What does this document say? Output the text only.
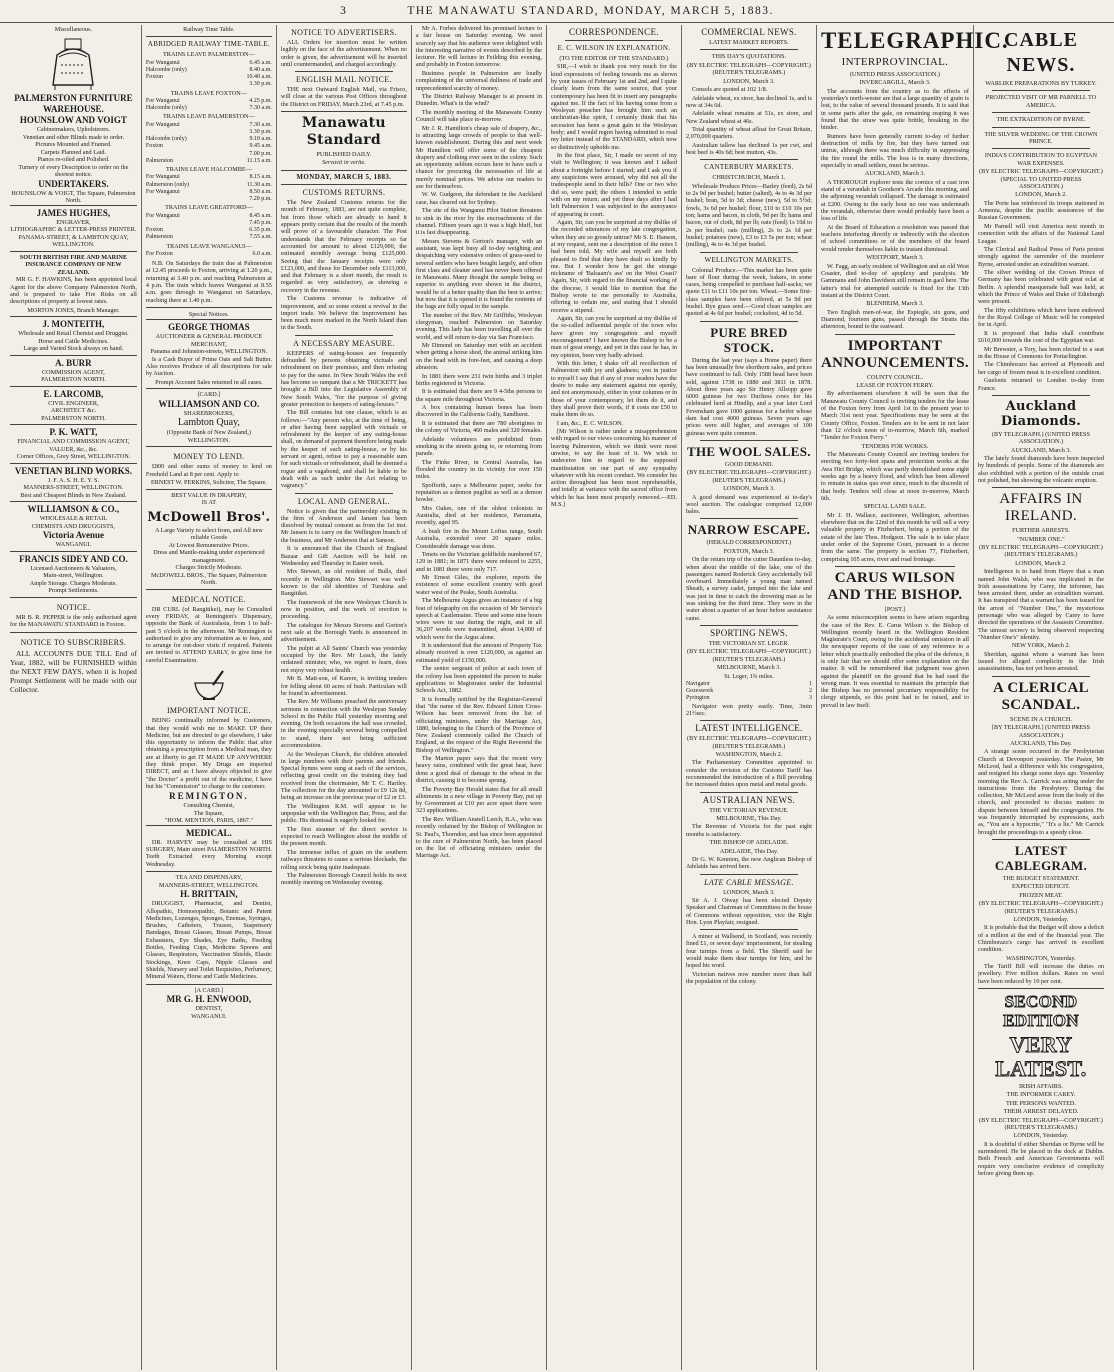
3	THE MANAWATU STANDARD,
MONDAY, MARCH 5, 1883.
Miscellaneous.
PALMERSTON FURNITURE WAREHOUSE.
HOUNSLOW AND VOIGT
Cabinetmakers, Upholsterers.
Venetian and other Blinds made to order.
Pictures Mounted and Framed.
Carpets Planned and Laid.
Pianos re-oiled and Polished.
Turnery of every Description to order on the shortest notice.
UNDERTAKERS.
HOUNSLOW & VOIGT, The Square, Palmerston North.
JAMES HUGHES,
ENGRAVER,
LITHOGRAPHIC & LETTER-PRESS PRINTER.
PANAMA-STREET, & LAMBTON QUAY, WELLINGTON.
SOUTH BRITISH FIRE AND MARINE INSURANCE COMPANY OF NEW ZEALAND.

MR G. F. HAWKINS, has been appointed local Agent for the above Company Palmerston North, and is prepared to take Fire Risks on all descriptions of property at lowest rates.

MORTON JONES, Branch Manager.
J. MONTEITH,
Wholesale and Retail Chemist and Druggist.
Horse and Cattle Medicines.
Large and Varied Stock always on hand.
A. BURR
COMMISSION AGENT,
PALMERSTON NORTH.
E. LARCOMB,
CIVIL ENGINEER,
ARCHITECT &c.
PALMERSTON NORTH.
P. K. WATT,
FINANCIAL AND COMMISSION AGENT,
VALUER, &c., &c.
Corner Offices, Grey Street, WELLINGTON.
VENETIAN BLIND WORKS.
J. F. A. S. H. E. Y. S.
MANNERS-STREET, WELLINGTON.
Best and Cheapest Blinds in New Zealand.
WILLIAMSON & CO.,
WHOLESALE & RETAIL
CHEMISTS AND DRUGGISTS,
Victoria Avenue
WANGANUI.
FRANCIS SIDEY AND CO.
Licensed Auctioneers & Valuators,
Main-street, Wellington.
Ample Storage. Charges Moderate.
Prompt Settlements.
NOTICE.

MR B. R. PEPPER is the only authorised agent for the MANAWATU STANDARD in Foxton.

NOTICE TO SUBSCRIBERS.

ALL ACCOUNTS DUE TILL End of Year, 1882, will be FURNISHED within the NEXT FEW DAYS, when it is hoped Prompt Settlement will be made with our Collector.

Railway Time Table.
ABRIDGED RAILWAY TIME-TABLE.
TRAINS LEAVE PALMERSTON—
For Wanganui	6.45 a.m.
Halcombe (only)	8.40 a.m.
Foxton	10.40 a.m.
	3.30 p.m.
TRAINS LEAVE FOXTON—
For Wanganui	4.25 p.m.
Halcombe (only)	7.30 a.m.
TRAINS LEAVE PALMERSTON—
For Wanganui	7.30 a.m.
	3.30 p.m.
Halcombe (only)	9.10 a.m.
Foxton	9.45 a.m.
	7.00 p.m.
Palmerston	11.15 a.m.
TRAINS LEAVE HALCOMBE—
For Wanganui	8.15 a.m.
Palmerston (only)	11.30 a.m.
For Wanganui	8.50 a.m.
	7.20 p.m.
TRAINS LEAVE GREATFORD—
For Wanganui	8.45 a.m.
	7.45 p.m.
Foxton	6.35 p.m.
Palmerston	7.55 a.m.
TRAINS LEAVE WANGANUI—
For Foxton	6.0 a.m.

N.B. On Saturdays the train due at Palmerston at 12.45 proceeds to Foxton, arriving at 1.20 p.m., returning at 3.40 p.m. and reaching Palmerston at 4 p.m. The train which leaves Wanganui at 8.55 a.m. goes through to Wanganui on Saturdays, reaching there at 1.40 p.m.

Special Notices.
GEORGE THOMAS
AUCTIONEER & GENERAL PRODUCE MERCHANT,
Panama and Johnston-streets, WELLINGTON.

Is a Cash Buyer of Prime Oats and Salt Butter. Also receives Produce of all descriptions for sale by Auction.

Prompt Account Sales returned in all cases.
[CARD.]
WILLIAMSON AND CO.
SHAREBROKERS,
Lambton Quay,
(Opposite Bank of New Zealand,)
WELLINGTON.
MONEY TO LEND.

£800 and other sums of money to lend on Freehold Land at 8 per cent. Apply to

ERNEST W. PERKINS, Solicitor, The Square.
BEST VALUE IN DRAPERY,
IS AT
McDowell Bros'.
A Large Variety to select from, and All new reliable Goods
At Lowest Remunerative Prices.
Dress and Mantle-making under experienced management.
Charges Strictly Moderate.
McDOWELL BROS., The Square, Palmerston North.
MEDICAL NOTICE.

DR CURL (of Rangitikei), may be Consulted every FRIDAY, at Remington's Dispensary, opposite the Bank of Australasia, from 1 to half-past 5 o'clock in the afternoon. Mr Remington is authorised to give any information as to fees, and to arrange for out-door visits if required. Patients are invited to ATTEND EARLY, to give time for careful Examination.

IMPORTANT NOTICE.

BEING continually informed by Customers, that they would wish me to MAKE UP their Medicine, but are directed to go elsewhere, I take this opportunity to inform the Public that after obtaining a prescription from a Medical man, they are at liberty to get IT MADE UP ANYWHERE they think proper. My Drugs are imported DIRECT, and as I have always objected to give "the Doctor" a profit out of the medicine, I have but his "Commission" to charge to the customer.

REMINGTON.
Consulting Chemist,
The Square,
"HOM. MENTION, PARIS, 1867."
MEDICAL.

DR. HARVEY may be consulted at HIS SURGERY, Main street PALMERSTON NORTH. Teeth Extracted every Morning except Wednesday.

TEA AND DISPENSARY,
MANNERS-STREET, WELLINGTON.
H. BRITTAIN,

DRUGGIST, Pharmacist, and Dentist, Allopathic, Homoeopathic, Botanic and Patent Medicines, Lozenges, Sponges, Enemas, Syringes, Brushes, Catheters, Trusses, Suspensory Bandages, Breast Glasses, Breast Pumps, Breast Exhausters, Eye Shades, Eye Baths, Feeding Bottles, Feeding Cups, Medicine Spoons and Glasses, Respirators, Vaccination Shields, Elastic Stockings, Knee Caps, Nipple Glasses and Shields, Nursery and Toilet Requisites, Perfumery, Mineral Waters, Horse and Cattle Medicines.

[A CARD.]
MR G. H. ENWOOD,
DENTIST,
WANGANUI.
NOTICE TO ADVERTISERS.

ALL Orders for insertion must be written legibly on the face of the advertisement. When no order is given, the advertisement will be inserted until countermanded, and charged accordingly.

ENGLISH MAIL NOTICE.

THE next Outward English Mail, via Frisco, will close at the various Post Offices throughout the District on FRIDAY, March 23rd, at 7.45 p.m.

Manawatu Standard
PUBLISHED DAILY.
Servavit in verite.
MONDAY, MARCH 5, 1883.
CUSTOMS RETURNS.

The New Zealand Customs returns for the month of February, 1883, are not quite complete, but from those which are already to hand it appears pretty certain that the results of the month will prove of a favourable character. The Post understands that the February receipts so far accounted for amount to about £129,000, the estimated monthly average being £125,000. Seeing that the January receipts were only £123,000, and those for December only £113,000, and that February is a short month, the result is regarded as very satisfactory, as showing a recovery in the revenue.

The Customs revenue is indicative of improvement, and so some extent a revival in the import trade. We believe the improvement has been much more marked in the North Island than in the South.

A NECESSARY MEASURE.

KEEPERS of eating-houses are frequently defrauded by persons obtaining victuals and refreshment on their premises, and then refusing to pay for the same. In New South Wales the evil has become so rampant that a Mr TRICKETT has brought a Bill into the Legislative Assembly of New South Wales, "for the purpose of giving greater protection to keepers of eating-houses."

The Bill contains but one clause, which is as follows:—"Any person who, at the time of being, or after having been supplied with victuals or refreshment by the keeper of any eating-house shall, on demand of payment therefore being made by the keeper of such eating-house, or by his servant or agent, refuse to pay a reasonable sum for such victuals or refreshment, shall be deemed a rogue and a vagabond, and shall be liable to be dealt with as such under the Act relating to vagrancy."

LOCAL AND GENERAL.

Notice is given that the partnership existing in the firm of Anderson and Jansen has been dissolved by mutual consent as from the 1st inst. Mr Jansen is to carry on the Wellington branch of the business, and Mr Anderson that at Sanson.

It is announced that the Church of England Bazaar and Gift Auction will be held on Wednesday and Thursday in Easter week.

Mrs Stewart, an old resident of Bulls, died recently in Wellington. Mrs Stewart was well-known to the old identities of Turakina and Rangitikei.

The framework of the new Wesleyan Church is now in position, and the work of erection is proceeding.

The catalogue for Messrs Stevens and Gorton's next sale at the Borough Yards is announced in advertisement.

The pulpit at All Saints' Church was yesterday occupied by the Rev. Mr Leach, the lately ordained minister, who, we regret to learn, does not enjoy very robust health.

Mr B. Matt-son, of Karere, is inviting tenders for felling about 60 acres of bush. Particulars will be found in advertisement.

The Rev. Mr Williams preached the anniversary sermons in connection with the Wesleyan Sunday School in the Public Hall yesterday morning and evening. On both occasions the hall was crowded, in the evening especially several being compelled to stand, there not being sufficient accommodation.

At the Wesleyan Church, the children attended in large numbers with their parents and friends. Special hymns were sung at each of the services, reflecting great credit on the training they had received from the choirmaster, Mr T. C. Hartley. The collection for the day amounted to £9 12s 8d, being an increase on the previous year of £2 or £3.

The Wellington R.M. will appear to be unpopular with the Wellington Bar, Press, and the public. His dismissal is eagerly looked for.

The first steamer of the direct service is expected to reach Wellington about the middle of the present month.

The immense influx of grain on the southern railways threatens to cause a serious blockade, the rolling stock being quite inadequate.

The Palmerston Borough Council holds its next monthly meeting on Wednesday evening.

Mr A. Forbes delivered his promised lecture to a fair house on Saturday evening. We need scarcely say that his audience were delighted with the interesting narrative of events described by the lecturer. He will lecture in Feilding this evening, and probably in Foxton tomorrow.

Business people in Palmerston are loudly complaining of the universal dullness of trade and unprecedented scarcity of money.

The District Railway Manager is at present in Dunedin. What's in the wind?

The monthly meeting of the Manawatu County Council will take place to-morrow.

Mr J. R. Hamilton's cheap sale of drapery, &c., is attracting large crowds of people to that well-known establishment. During this and next week Mr Hamilton will offer some of the cheapest drapery and clothing ever seen in the colony. Such an opportunity seldom occurs here to have such a chance for procuring the necessaries of life at merely nominal prices. We advise our readers to see for themselves.

W. W. Gudgeon, the defendant in the Auckland case, has cleared out for Sydney.

The site of the Wanganui Pilot Station threatens to sink in the river by the encroachments of the channel. Fifteen years ago it was a high bluff, but it is fast disappearing.

Messrs Stevens & Gorton's manager, with an assistant, was kept busy all to-day weighing and despatching very extensive orders of grass-seed to several settlers who have bought largely, and often first class and cleaner seed has never been offered in Manawatu. Many thought the sample being so superior to anything ever shown in the district, would be of a better quality than the best to arrive; but now that it is opened it is found the contents of the bags are fully equal to the sample.

The number of the Rev. Mr Griffiths, Wesleyan clergyman, reached Palmerston on Saturday evening. This lady has been travelling all over the world, and will return to-day via San Francisco.

Mr Dimond on Saturday met with an accident when getting a horse shod, the animal striking him on the head with its fore-feet, and causing a deep abrasion.

In 1881 there were 231 twin births and 3 triplet births registered in Victoria.

It is estimated that there are 9 4-5ths persons to the square mile throughout Victoria.

A box containing human bones has been discovered in the California Gully, Sandhurst.

It is estimated that there are 780 aborigines in the colony of Victoria, 460 males and 320 females.

Adelaide volunteers are prohibited from smoking in the streets going to, or returning from parade.

The Finke River, in Central Australia, has flooded the country in its vicinity for over 150 miles.

Spofforth, says a Melbourne paper, seeks for reputation as a demon pugilist as well as a demon bowler.

Mrs Oakes, one of the oldest colonists in Australia, died at her residence, Parramatta, recently, aged 95.

A bush fire in the Mount Loftus range, South Australia, extended over 20 square miles. Considerable damage was done.

Tenets on the Victorian goldfields numbered 67, 129 in 1881; in 1871 there were reduced to 2255, and in 1881 there were only 717.

Mr Ernest Giles, the explorer, reports the existence of some excellent country with good water west of the Peake, South Australia.

The Melbourne Argus gives an instance of a big feat of telegraphy on the occasion of Mr Service's speech at Castlemaine. Three and some nine hours wires were in use during the night, and in all 36,207 words were transmitted, about 14,000 of which were for the Argus alone.

It is understood that the amount of Property Tax already received is over £120,000, as against an estimated yield of £150,000.

The senior sergeant of police at each town of the colony has been appointed the person to make applications to Magistrates under the Industrial Schools Act, 1882.

It is formally notified by the Registrar-General that "the name of the Rev. Edward Litton Cross-Wilson has been removed from the list of officiating ministers, under the Marriage Act, 1880, belonging to the Church of the Province of New Zealand commonly called the Church of England, at the request of the Right Reverend the Bishop of Wellington."

The Marton paper says that the recent very heavy rains, combined with the great heat, have done a good deal of damage to the wheat in the district, causing it to become sprung.

The Poverty Bay Herald states that for all small allotments in a new village in Poverty Bay, put up by Government at £10 per acre upset there were 323 applications.

The Rev. William Anstell Leech, B.A., who was recently ordained by the Bishop of Wellington in St. Paul's, Thorndon, and has since been appointed to the cure of Palmerston North, has been placed on the list of officiating ministers under the Marriage Act.

CORRESPONDENCE.
E. C. WILSON IN EXPLANATION.
(TO THE EDITOR OF THE STANDARD.)

SIR,—I wish to thank you very much for the kind expressions of feeling towards me as shown by your issues of February 1st and 2nd, and I quite clearly learn from the same source, that your contemporary has been fit to insert any paragraphs against me. If the fact of his having come from a Wesleyan preacher has brought him such an unchristian-like spirit, I certainly think that his secession has been a great gain to the Wesleyan body; and I would regret having submitted to read my letter instead of the STANDARD, which now so distinctively upholds me.

In the first place, Sir, I made no secret of my visit to Wellington; it was known and I talked about a fortnight before I started; and I ask you if any suspicions were aroused, why did not all the tradespeople send in their bills? One or two who did so, were paid; the others I intended to settle with on my return; and yet three days after I had left Palmerston I was subjected to the annoyance of appearing in court.

Again, Sir, can you be surprised at my dislike of the recorded utterances of my late congregation, when they are so grossly untrue? Mr S. E. Hanson, at my request, sent me a description of the notes I had been told. My wife and myself are both pleased to find that they have dealt so kindly by me. But I wonder how he got the strange nickname of 'Balsaam's ass' on the West Coast? Again, Sir, with regard to the financial working of the diocese, I would like to mention that the Bishop wrote to me personally to Australia, offering to ordain me, and stating that I should receive a stipend.

Again, Sir, can you be surprised at my dislike of the so-called influential people of the town who have given my congregation and myself encouragement? I have known the Bishop to be a man of great energy, and yet in this case he has, in my opinion, been very badly advised.

With this letter, I shake off all recollection of Palmerston with joy and gladness; you in justice to myself I say that if any of your readers have the desire to make any statement against me openly, and not anonymously, either in your columns or in those of your contemporary, let them do it, and they shall prove their words, if it costs me £50 to make them do so.

I am, &c., E. C. WILSON.

[Mr Wilson is rather under a misapprehension with regard to our views concerning his manner of leaving Palmerston, which we think were most unwise, to say the least of it. We wish to undeceive him in regard to the supposed manifestation on our part of any sympathy whatever with his recent conduct. We consider his action throughout has been most reprehensible, and totally at variance with the sacred office from which he has been most properly removed.—ED. M.S.]

COMMERCIAL NEWS.
LATEST MARKET REPORTS.
THIS DAY'S QUOTATIONS.
(BY ELECTRIC TELEGRAPH—COPYRIGHT.) (REUTER'S TELEGRAMS.)
LONDON, March 3.

Consols are quoted at 102 1/8.

Adelaide wheat, ex store, has declined 1s, and is now at 34s 6d.

Adelaide wheat remains at 51s, ex store, and New Zealand wheat at 46s.

Total quantity of wheat afloat for Great Britain, 2,070,000 quarters.

Australian tallow has declined 1s per cwt, and best beef is 40s 6d; best mutton, 43s.

CANTERBURY MARKETS.
CHRISTCHURCH, March 1.

Wholesale Produce Prices—Barley (feed), 2s 6d to 2s 9d per bushel; butter (salted), 4s to 4s 3d per bushel; bran, 5d to 3d; cheese (new), 5d to 5½d; fowls, 3s 6d per bushel; flour, £10 to £10 10s per ton; hams and bacon, in cloth, 9d per lb; hams and bacon, out of cloth, 8d per lb; oats (feed) 1s 10d to 2s per bushel; oats (milling), 2s to 2s 1d per bushel; potatoes (new), £3 to £3 5s per ton; wheat (milling), 4s to 4s 3d per bushel.

WELLINGTON MARKETS.

Colonial Produce.—This market has been quite bare of flour during the week, bakers, in some cases, being compelled to purchase half-sacks; we quote £11 to £11 10s per ton. Wheat.—Some first-class samples have been offered, at 5s 9d per bushel. Rye grass seed.—Good clean samples are quoted at 4s 6d per bushel; cocksfoot, 4d to 5d.

PURE BRED STOCK.

During the last year (says a Home paper) there has been unusually few shorthorn sales, and prices have continued to fall. Only 1588 head have been sold, against 1738 in 1880 and 3811 in 1878. About three years ago Sir Henry Allsopp gave 6000 guineas for two Duchess cows for his celebrated herd at Hindlip, and a year later Lord Fevensham gave 1000 guineas for a heifer whose dam had cost 4000 guineas. Seven years ago prices were still higher, and averages of 100 guineas were quite common.

THE WOOL SALES.
GOOD DEMAND.
(BY ELECTRIC TELEGRAPH—COPYRIGHT.) (REUTER'S TELEGRAMS.)
LONDON, March 3.

A good demand was experienced at to-day's wool auction. The catalogue comprised 12,000 bales.

NARROW ESCAPE.
(HERALD CORRESPONDENT.)
FOXTON, March 3.

On the return trip of the cutter Dauntless to-day, when about the middle of the lake, one of the passengers named Roderick Grey accidentally fell overboard. Immediately a young man named Sheath, a survey cadet, jumped into the lake and was just in time to catch the drowning man as he was sinking for the third time. They were in the water about a quarter of an hour before assistance came.

SPORTING NEWS.
THE VICTORIAN ST. LEGER.
(BY ELECTRIC TELEGRAPH—COPYRIGHT.) (REUTER'S TELEGRAMS.)
MELBOURNE, March 3.
St. Leger, 1¾ miles.
Navigator	1
Gozeswork	2
Pyrington	3

Navigator won pretty easily. Time, 3min 21½sec.

LATEST INTELLIGENCE.
(BY ELECTRIC TELEGRAPH—COPYRIGHT.) (REUTER'S TELEGRAMS.)
WASHINGTON, March 2.

The Parliamentary Committee appointed to consider the revision of the Customs Tariff has recommended the introduction of a Bill providing for increased duties upon metal and metal goods.

AUSTRALIAN NEWS.
THE VICTORIAN REVENUE.
MELBOURNE, This Day.

The Revenue of Victoria for the past eight months is satisfactory.

THE BISHOP OF ADELAIDE.
ADELAIDE, This Day.

Dr G. W. Kennion, the new Anglican Bishop of Adelaide has arrived here.

LATE CABLE MESSAGE.
LONDON, March 3.

Sir A. J. Otway has been elected Deputy Speaker and Chairman of Committees in the house of Commons without opposition, vice the Right Hon. Lyon Playfair, resigned.

A miner at Wallsend, in Scotland, was recently fined £1, or seven days' imprisonment, for stealing four turnips from a field. The Sheriff said he would make them dear turnips for him, and he hoped his word.

Victorian natives now number more than half the population of the colony.

TELEGRAPHIC.
INTERPROVINCIAL.
(UNITED PRESS ASSOCIATION.)
INVERCARGILL, March 3.

The accounts from the country as to the effects of yesterday's north-wester are that a large quantity of grain is lost, to the value of several thousand pounds. It is said that in some parts after the gale, on remaining reaping it was found that the straw was quite brittle, breaking in the binder.

Rumors have been generally current to-day of further destruction of mills by fire, but they have turned out untrue, although there was much difficulty in suppressing the fire round the mills. The loss is in many directions, especially to small settlers, must be serious.

AUCKLAND, March 3.

A THOROUGH explorer tests the cornice of a cast iron stand of a verandah in Goodson's Arcade this morning, and the adjoining verandah collapsed. The damage is estimated at £200. Owing to the early hour no one was underneath the verandah, otherwise there would probably have been a loss of life.

At the Board of Education a resolution was passed that teachers interfering directly or indirectly with the election of school committees or of the members of the board would render themselves liable to instant dismissal.

WESTPORT, March 3.

W. Fagg, an early resident of Wellington and an old West Coaster, died to-day of apoplexy and paralysis. Mr Gammans and John Davidson still remain in gaol here. The latter's trial for attempted suicide is fixed for the 13th instant at the District Court.

BLENHEIM, March 3.

Two English men-of-war, the Espiegle, six guns, and Diamond, fourteen guns, passed through the Straits this afternoon, bound to the eastward.

IMPORTANT ANNOUNCEMENTS.
COUNTY COUNCIL.
LEASE OF FOXTON FERRY.

By advertisement elsewhere it will be seen that the Manawatu County Council is inviting tenders for the lease of the Foxton ferry from April 1st in the present year to March 31st next year. Specifications may be seen at the County Office, Foxton. Tenders are to be sent in not later than 12 o'clock noon of to-morrow, March 6th, marked "Tender for Foxton Ferry."

TENDERS FOR WORKS.

The Manawatu County Council are inviting tenders for erecting two forty-feet spans and protection works at the Awa Hiri Bridge, which was partly demolished some eight weeks ago by a heavy flood, and which has been allowed to remain in status quo ever since, much to the discredit of that body. Tenders will close at noon to-morrow, March 6th.

SPECIAL LAND SALE.

Mr J. H. Wallace, auctioneer, Wellington, advertises elsewhere that on the 22nd of this month he will sell a very valuable property in Fitzherbert, being a portion of the estate of the late Thos. Hodgson. The sale is to take place under order of the Supreme Court, pursuant to a decree from the same. The property is section 77, Fitzherbert, comprising 105 acres, river and road frontage.

CARUS WILSON AND THE BISHOP.
[POST.]

As some misconception seems to have arisen regarding the case of the Rev. E. Carus Wilson v. the Bishop of Wellington recently heard in the Wellington Resident Magistrate's Court, owing to the accidental omission in all the newspaper reports of the case of any reference to a letter which practically embodied the plea of the defence, it is only fair that we should offer some explanation on the matter. It will be remembered that judgment was given against the plaintiff on the ground that he had sued the wrong man. It was essential to maintain the principle that the Bishop has no personal pecuniary responsibility for clergy stipends, so this point had to be raised, and to prevail in law itself.

CABLE NEWS.
WARLIKE PREPARATIONS BY TURKEY.
PROJECTED VISIT OF MR PARNELL TO AMERICA.
THE EXTRADITION OF BYRNE.
THE SILVER WEDDING OF THE CROWN PRINCE.
INDIA'S CONTRIBUTION TO EGYPTIAN WAR EXPENSES.
(BY ELECTRIC TELEGRAPH—COPYRIGHT.) (SPECIAL TO UNITED PRESS ASSOCIATION.)
LONDON, March 2.

The Porte has reinforced its troops stationed in Armenia, despite the pacific assurances of the Russian Government.

Mr Parnell will visit America next month in connection with the affairs of the National Land League.

The Clerical and Radical Press of Paris protest strongly against the surrender of the murderer Byrne, arrested under an extradition warrant.

The silver wedding of the Crown Prince of Germany has been celebrated with great eclat at Berlin. A splendid masquerade ball was held, at which the Prince of Wales and Duke of Edinburgh were present.

The fifty exhibitions which have been endowed for the Royal College of Music will be competed for in April.

It is proposed that India shall contribute £610,000 towards the cost of the Egyptian war.

Mr Brewster, a Tory, has been elected to a seat in the House of Commons for Portarlington.

The Chimborazo has arrived at Plymouth and her cargo of frozen meat is in excellent condition.

Guelonis returned to London to-day from France.

Auckland Diamonds.
(BY TELEGRAPH.) (UNITED PRESS ASSOCIATION.)
AUCKLAND, March 3.

The lately found diamonds have been inspected by hundreds of people. Some of the diamonds are also exhibited with a portion of the outside crust not polished, but showing the volcanic eruption.

AFFAIRS IN IRELAND.
FURTHER ARRESTS.
"NUMBER ONE."
(BY ELECTRIC TELEGRAPH—COPYRIGHT.) (REUTER'S TELEGRAMS.)
LONDON, March 2.

Intelligence is to hand from Hayre that a man named John Walsh, who was implicated in the Irish assassinations by Carey, the informer, has been arrested there, under an extradition warrant. It has transpired that a warrant has been issued for the arrest of "Number One," the mysterious personage who was alleged by Carey to have directed the operations of the Assassin Committee. The utmost secrecy is being observed respecting "Number One's" identity.

NEW YORK, March 2.

Sheridan, against whom a warrant has been issued for alleged complicity in the Irish assassinations, has not yet been arrested.

A CLERICAL SCANDAL.
SCENE IN A CHURCH.
[BY TELEGRAPH.] (UNITED PRESS ASSOCIATION.)
AUCKLAND, This Day.

A strange scene occurred in the Presbyterian Church at Devonport yesterday. The Pastor, Mr McLeod, had a difference with his congregation, and resigned his charge some days ago. Yesterday morning the Rev A. Carrick was acting under the instructions from the Presbytery. During the collection, Mr McLeod arose from the body of the church, and proceeded to discuss matters in dispute between himself and the congregation. He was frequently interrupted by expressions, such as, "You are a hypocrite," "It's a lie." Mr Carrick brought the proceedings to a speedy close.

LATEST CABLEGRAM.
THE BUDGET STATEMENT.
EXPECTED DEFICIT.
FROZEN MEAT.
(BY ELECTRIC TELEGRAPH—COPYRIGHT.) (REUTER'S TELEGRAMS.)
LONDON, Yesterday.

It is probable that the Budget will show a deficit of a million at the end of the financial year. The Chimborazo's cargo has arrived in excellent condition.

WASHINGTON, Yesterday.

The Tariff Bill will increase the duties on jewellery. Five million dollars. Rates on wool have been reduced by 10 per cent.

SECOND EDITION
VERY LATEST.
IRISH AFFAIRS.
THE INFORMER CAREY.
THE PERSONS WANTED.
THEIR ARREST DELAYED.
(BY ELECTRIC TELEGRAPH—COPYRIGHT.) (REUTER'S TELEGRAMS.)
LONDON, Yesterday.

It is doubtful if either Sheridan or Byrne will be surrendered. He be placed in the dock at Dublin. Both French and American Governments will require very conclusive evidence of complicity before giving them up.
